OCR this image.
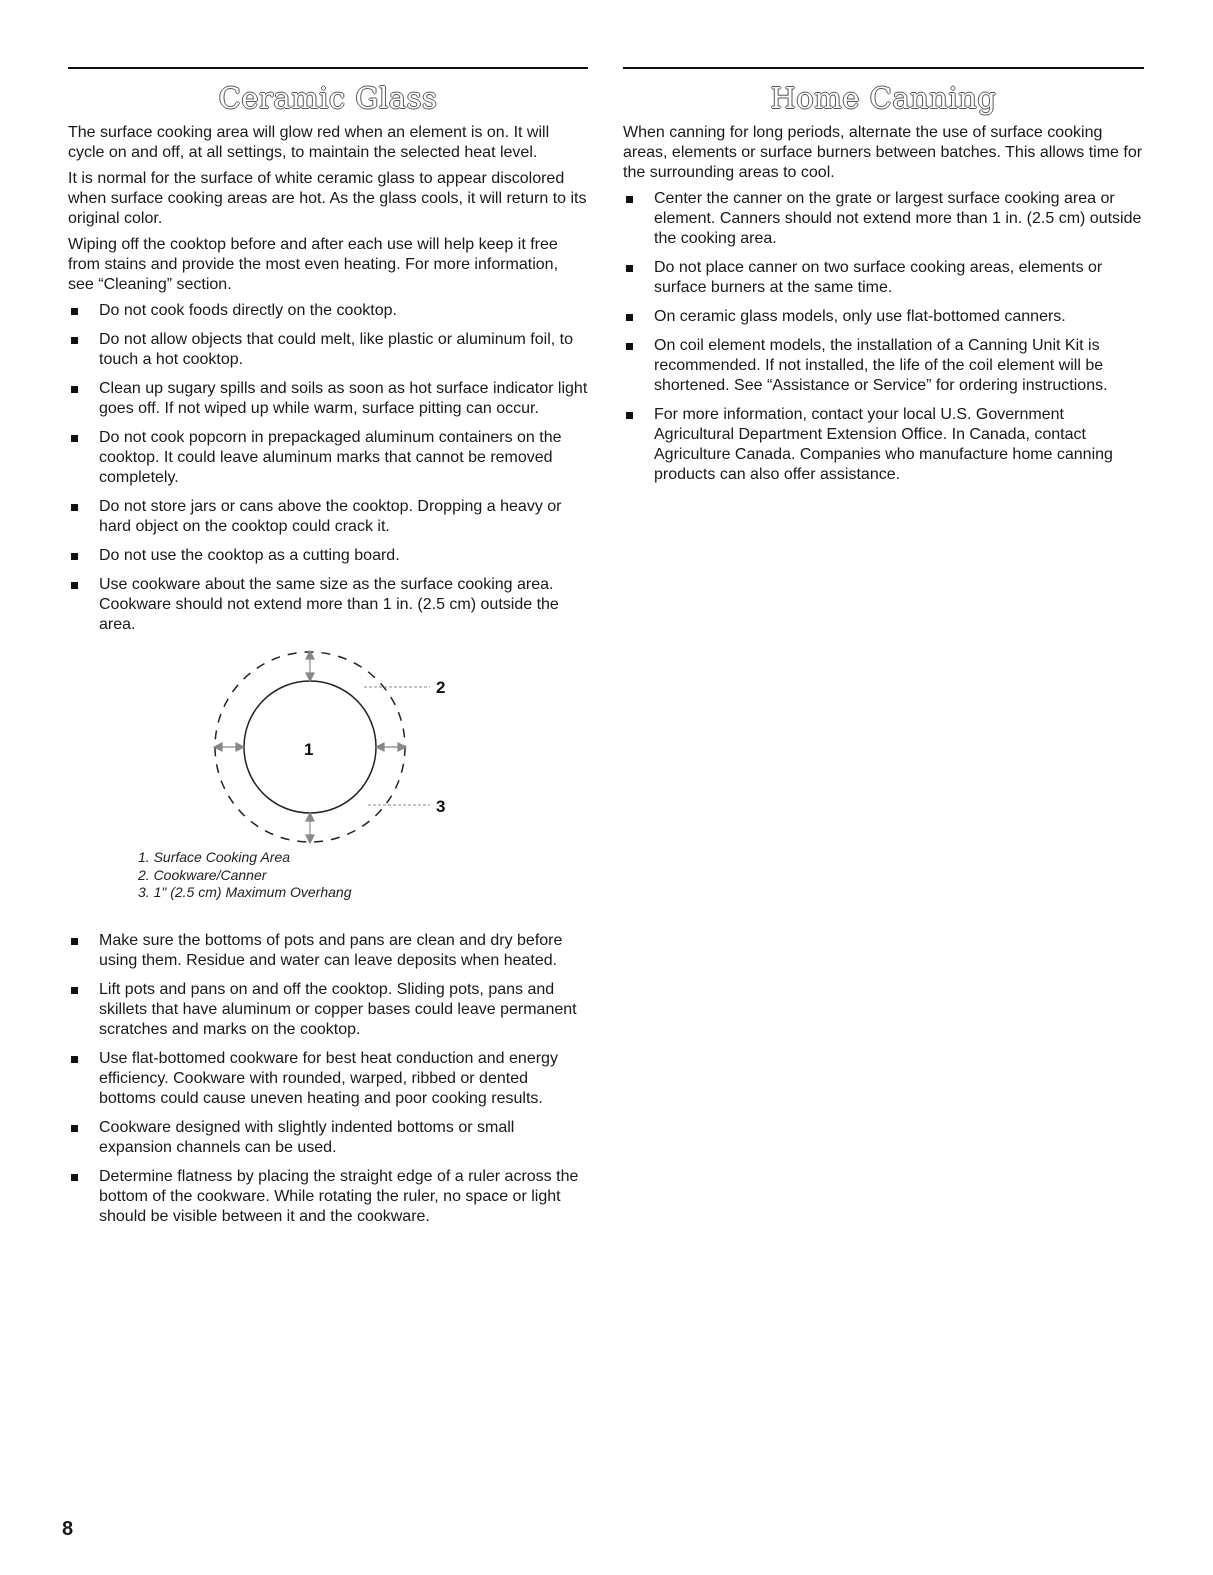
Ceramic Glass

The surface cooking area will glow red when an element is on. It will cycle on and off, at all settings, to maintain the selected heat level.

It is normal for the surface of white ceramic glass to appear discolored when surface cooking areas are hot. As the glass cools, it will return to its original color.

Wiping off the cooktop before and after each use will help keep it free from stains and provide the most even heating. For more information, see “Cleaning” section.

Do not cook foods directly on the cooktop.
Do not allow objects that could melt, like plastic or aluminum foil, to touch a hot cooktop.
Clean up sugary spills and soils as soon as hot surface indicator light goes off. If not wiped up while warm, surface pitting can occur.
Do not cook popcorn in prepackaged aluminum containers on the cooktop. It could leave aluminum marks that cannot be removed completely.
Do not store jars or cans above the cooktop. Dropping a heavy or hard object on the cooktop could crack it.
Do not use the cooktop as a cutting board.
Use cookware about the same size as the surface cooking area. Cookware should not extend more than 1 in. (2.5 cm) outside the area.
1
2
3
1. Surface Cooking Area
2. Cookware/Canner
3. 1" (2.5 cm) Maximum Overhang
Make sure the bottoms of pots and pans are clean and dry before using them. Residue and water can leave deposits when heated.
Lift pots and pans on and off the cooktop. Sliding pots, pans and skillets that have aluminum or copper bases could leave permanent scratches and marks on the cooktop.
Use flat-bottomed cookware for best heat conduction and energy efficiency. Cookware with rounded, warped, ribbed or dented bottoms could cause uneven heating and poor cooking results.
Cookware designed with slightly indented bottoms or small expansion channels can be used.
Determine flatness by placing the straight edge of a ruler across the bottom of the cookware. While rotating the ruler, no space or light should be visible between it and the cookware.
Home Canning

When canning for long periods, alternate the use of surface cooking areas, elements or surface burners between batches. This allows time for the surrounding areas to cool.

Center the canner on the grate or largest surface cooking area or element. Canners should not extend more than 1 in. (2.5 cm) outside the cooking area.
Do not place canner on two surface cooking areas, elements or surface burners at the same time.
On ceramic glass models, only use flat-bottomed canners.
On coil element models, the installation of a Canning Unit Kit is recommended. If not installed, the life of the coil element will be shortened. See “Assistance or Service” for ordering instructions.
For more information, contact your local U.S. Government Agricultural Department Extension Office. In Canada, contact Agriculture Canada. Companies who manufacture home canning products can also offer assistance.
8
